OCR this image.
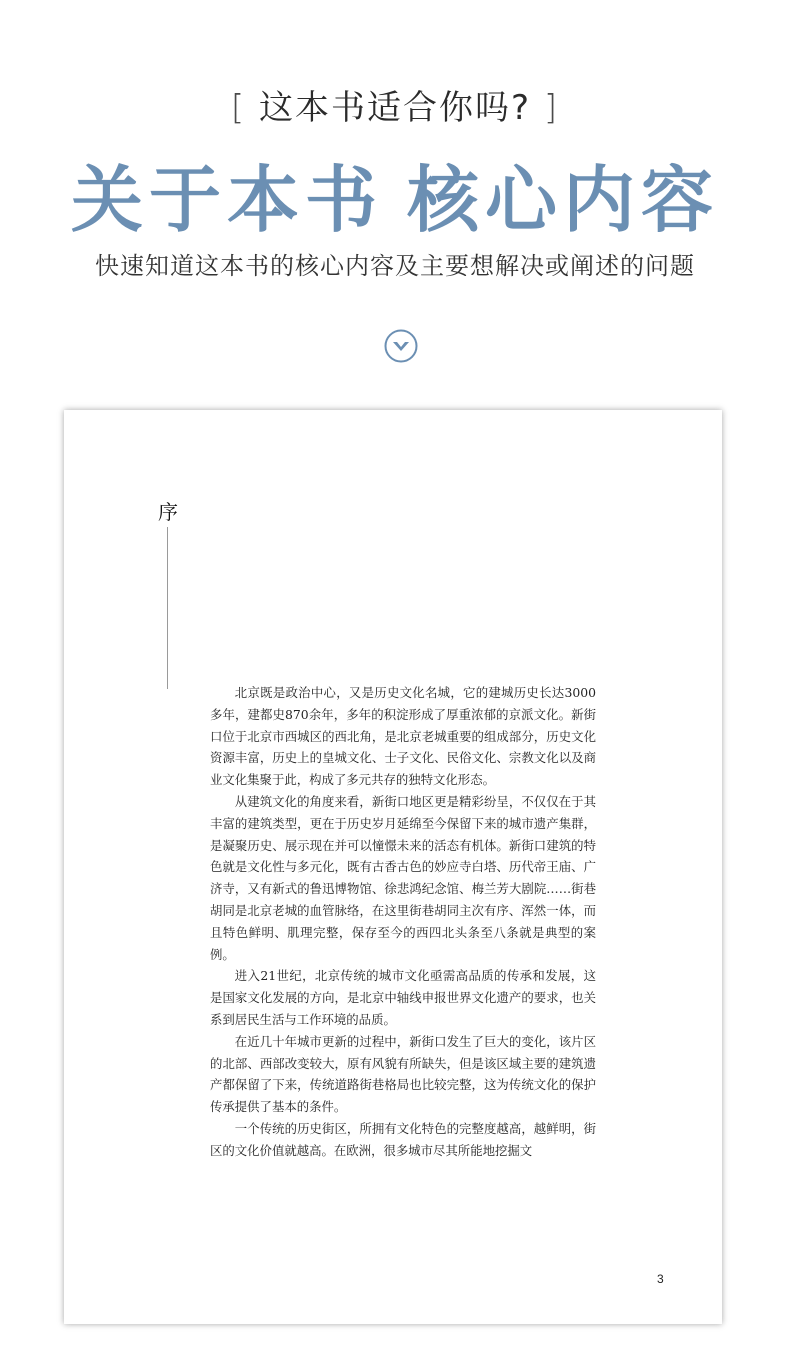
[ 这本书适合你吗? ]
关于本书 核心内容
快速知道这本书的核心内容及主要想解决或阐述的问题
序

北京既是政治中心，又是历史文化名城，它的建城历史长达3000多年，建都史870余年，多年的积淀形成了厚重浓郁的京派文化。新街口位于北京市西城区的西北角，是北京老城重要的组成部分，历史文化资源丰富，历史上的皇城文化、士子文化、民俗文化、宗教文化以及商业文化集聚于此，构成了多元共存的独特文化形态。

从建筑文化的角度来看，新街口地区更是精彩纷呈，不仅仅在于其丰富的建筑类型，更在于历史岁月延绵至今保留下来的城市遗产集群，是凝聚历史、展示现在并可以憧憬未来的活态有机体。新街口建筑的特色就是文化性与多元化，既有古香古色的妙应寺白塔、历代帝王庙、广济寺，又有新式的鲁迅博物馆、徐悲鸿纪念馆、梅兰芳大剧院……街巷胡同是北京老城的血管脉络，在这里街巷胡同主次有序、浑然一体，而且特色鲜明、肌理完整，保存至今的西四北头条至八条就是典型的案例。

进入21世纪，北京传统的城市文化亟需高品质的传承和发展，这是国家文化发展的方向，是北京中轴线申报世界文化遗产的要求，也关系到居民生活与工作环境的品质。

在近几十年城市更新的过程中，新街口发生了巨大的变化，该片区的北部、西部改变较大，原有风貌有所缺失，但是该区域主要的建筑遗产都保留了下来，传统道路街巷格局也比较完整，这为传统文化的保护传承提供了基本的条件。

一个传统的历史街区，所拥有文化特色的完整度越高，越鲜明，街区的文化价值就越高。在欧洲，很多城市尽其所能地挖掘文

3
